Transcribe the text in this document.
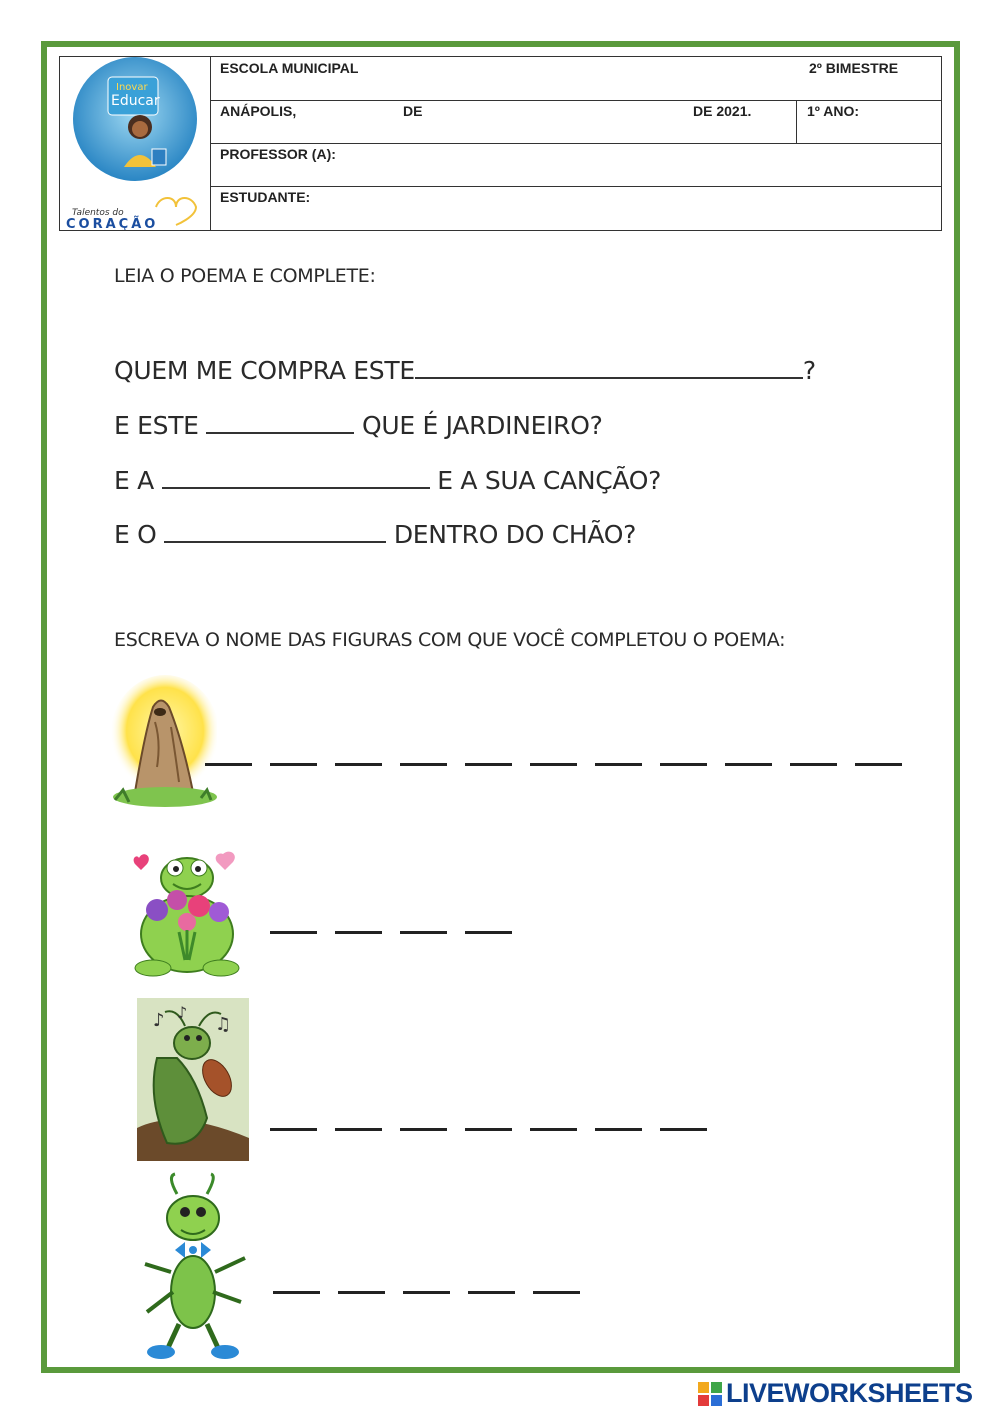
Inovar
Educar
Talentos do
CORAÇÃO
ESCOLA MUNICIPAL	2º BIMESTRE
ANÁPOLIS,	DE	DE 2021.	1º ANO:
PROFESSOR (A):
ESTUDANTE:
LEIA O POEMA E COMPLETE:
QUEM ME COMPRA ESTE	?
E ESTE	QUE É JARDINEIRO?
E A	E A SUA CANÇÃO?
E O	DENTRO DO CHÃO?
ESCREVA O NOME DAS FIGURAS COM QUE VOCÊ COMPLETOU O POEMA:
♪ ♪
♫
LIVEWORKSHEETS
